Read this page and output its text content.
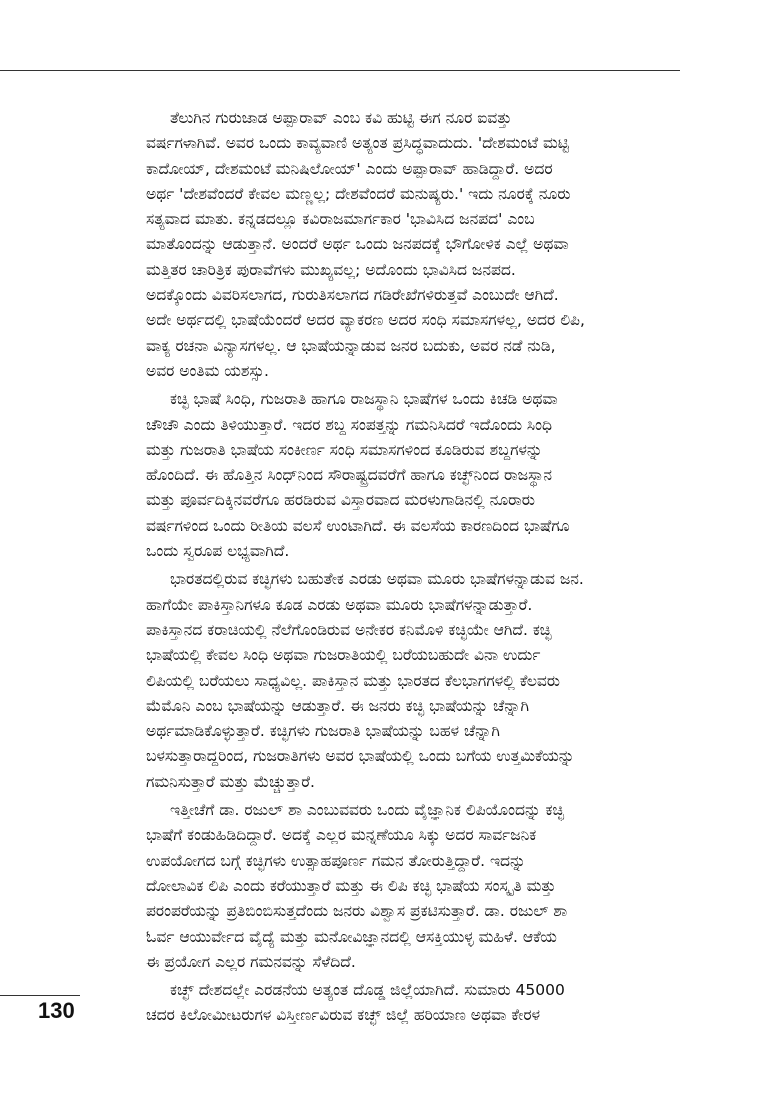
ತೆಲುಗಿನ ಗುರುಜಾಡ ಅಪ್ಪಾರಾವ್ ಎಂಬ ಕವಿ ಹುಟ್ಟಿ ಈಗ ನೂರ ಐವತ್ತು
ವರ್ಷಗಳಾಗಿವೆ. ಅವರ ಒಂದು ಕಾವ್ಯವಾಣಿ ಅತ್ಯಂತ ಪ್ರಸಿದ್ಧವಾದುದು. 'ದೇಶಮಂಟೆ ಮಟ್ಟಿ
ಕಾದೋಯ್, ದೇಶಮಂಟೆ ಮನಿಷಿಲೋಯ್' ಎಂದು ಅಪ್ಪಾರಾವ್ ಹಾಡಿದ್ದಾರೆ. ಅದರ
ಅರ್ಥ 'ದೇಶವೆಂದರೆ ಕೇವಲ ಮಣ್ಣಲ್ಲ; ದೇಶವೆಂದರೆ ಮನುಷ್ಯರು.' ಇದು ನೂರಕ್ಕೆ ನೂರು
ಸತ್ಯವಾದ ಮಾತು. ಕನ್ನಡದಲ್ಲೂ ಕವಿರಾಜಮಾರ್ಗಕಾರ 'ಭಾವಿಸಿದ ಜನಪದ' ಎಂಬ
ಮಾತೊಂದನ್ನು ಆಡುತ್ತಾನೆ. ಅಂದರೆ ಅರ್ಥ ಒಂದು ಜನಪದಕ್ಕೆ ಭೌಗೋಳಿಕ ಎಲ್ಲೆ ಅಥವಾ
ಮತ್ತಿತರ ಚಾರಿತ್ರಿಕ ಪುರಾವೆಗಳು ಮುಖ್ಯವಲ್ಲ; ಅದೊಂದು ಭಾವಿಸಿದ ಜನಪದ.
ಅದಕ್ಕೊಂದು ವಿವರಿಸಲಾಗದ, ಗುರುತಿಸಲಾಗದ ಗಡಿರೇಖೆಗಳಿರುತ್ತವೆ ಎಂಬುದೇ ಆಗಿದೆ.
ಅದೇ ಅರ್ಥದಲ್ಲಿ ಭಾಷೆಯೆಂದರೆ ಅದರ ವ್ಯಾಕರಣ ಅದರ ಸಂಧಿ ಸಮಾಸಗಳಲ್ಲ, ಅದರ ಲಿಪಿ,
ವಾಕ್ಯ ರಚನಾ ವಿನ್ಯಾಸಗಳಲ್ಲ. ಆ ಭಾಷೆಯನ್ನಾಡುವ ಜನರ ಬದುಕು, ಅವರ ನಡೆ ನುಡಿ,
ಅವರ ಅಂತಿಮ ಯಶಸ್ಸು.
ಕಚ್ಛಿ ಭಾಷೆ ಸಿಂಧಿ, ಗುಜರಾತಿ ಹಾಗೂ ರಾಜಸ್ಥಾನಿ ಭಾಷೆಗಳ ಒಂದು ಕಿಚಡಿ ಅಥವಾ
ಚೌಚೌ ಎಂದು ತಿಳಿಯುತ್ತಾರೆ. ಇದರ ಶಬ್ದ ಸಂಪತ್ತನ್ನು ಗಮನಿಸಿದರೆ ಇದೊಂದು ಸಿಂಧಿ
ಮತ್ತು ಗುಜರಾತಿ ಭಾಷೆಯ ಸಂಕೀರ್ಣ ಸಂಧಿ ಸಮಾಸಗಳಿಂದ ಕೂಡಿರುವ ಶಬ್ದಗಳನ್ನು
ಹೊಂದಿದೆ. ಈ ಹೊತ್ತಿನ ಸಿಂಧ್‌ನಿಂದ ಸೌರಾಷ್ಟ್ರದವರೆಗೆ ಹಾಗೂ ಕಚ್ಛ್‌ನಿಂದ ರಾಜಸ್ಥಾನ
ಮತ್ತು ಪೂರ್ವದಿಕ್ಕಿನವರೆಗೂ ಹರಡಿರುವ ವಿಸ್ತಾರವಾದ ಮರಳುಗಾಡಿನಲ್ಲಿ ನೂರಾರು
ವರ್ಷಗಳಿಂದ ಒಂದು ರೀತಿಯ ವಲಸೆ ಉಂಟಾಗಿದೆ. ಈ ವಲಸೆಯ ಕಾರಣದಿಂದ ಭಾಷೆಗೂ
ಒಂದು ಸ್ವರೂಪ ಲಭ್ಯವಾಗಿದೆ.
ಭಾರತದಲ್ಲಿರುವ ಕಚ್ಛಿಗಳು ಬಹುತೇಕ ಎರಡು ಅಥವಾ ಮೂರು ಭಾಷೆಗಳನ್ನಾಡುವ ಜನ.
ಹಾಗೆಯೇ ಪಾಕಿಸ್ತಾನಿಗಳೂ ಕೂಡ ಎರಡು ಅಥವಾ ಮೂರು ಭಾಷೆಗಳನ್ನಾಡುತ್ತಾರೆ.
ಪಾಕಿಸ್ತಾನದ ಕರಾಚಿಯಲ್ಲಿ ನೆಲೆಗೊಂಡಿರುವ ಅನೇಕರ ಕನಿಮೊಳಿ ಕಚ್ಛಿಯೇ ಆಗಿದೆ. ಕಚ್ಛಿ
ಭಾಷೆಯಲ್ಲಿ ಕೇವಲ ಸಿಂಧಿ ಅಥವಾ ಗುಜರಾತಿಯಲ್ಲಿ ಬರೆಯಬಹುದೇ ವಿನಾ ಉರ್ದು
ಲಿಪಿಯಲ್ಲಿ ಬರೆಯಲು ಸಾಧ್ಯವಿಲ್ಲ. ಪಾಕಿಸ್ತಾನ ಮತ್ತು ಭಾರತದ ಕೆಲಭಾಗಗಳಲ್ಲಿ ಕೆಲವರು
ಮೆಮೊನಿ ಎಂಬ ಭಾಷೆಯನ್ನು ಆಡುತ್ತಾರೆ. ಈ ಜನರು ಕಚ್ಛಿ ಭಾಷೆಯನ್ನು ಚೆನ್ನಾಗಿ
ಅರ್ಥಮಾಡಿಕೊಳ್ಳುತ್ತಾರೆ. ಕಚ್ಛಿಗಳು ಗುಜರಾತಿ ಭಾಷೆಯನ್ನು ಬಹಳ ಚೆನ್ನಾಗಿ
ಬಳಸುತ್ತಾರಾದ್ದರಿಂದ, ಗುಜರಾತಿಗಳು ಅವರ ಭಾಷೆಯಲ್ಲಿ ಒಂದು ಬಗೆಯ ಉತ್ತಮಿಕೆಯನ್ನು
ಗಮನಿಸುತ್ತಾರೆ ಮತ್ತು ಮೆಚ್ಚುತ್ತಾರೆ.
ಇತ್ತೀಚೆಗೆ ಡಾ. ರಜುಲ್ ಶಾ ಎಂಬುವವರು ಒಂದು ವೈಜ್ಞಾನಿಕ ಲಿಪಿಯೊಂದನ್ನು ಕಚ್ಛಿ
ಭಾಷೆಗೆ ಕಂಡುಹಿಡಿದಿದ್ದಾರೆ. ಅದಕ್ಕೆ ಎಲ್ಲರ ಮನ್ನಣೆಯೂ ಸಿಕ್ಕು ಅದರ ಸಾರ್ವಜನಿಕ
ಉಪಯೋಗದ ಬಗ್ಗೆ ಕಚ್ಛಿಗಳು ಉತ್ಸಾಹಪೂರ್ಣ ಗಮನ ತೋರುತ್ತಿದ್ದಾರೆ. ಇದನ್ನು
ದೋಲಾವಿಕ ಲಿಪಿ ಎಂದು ಕರೆಯುತ್ತಾರೆ ಮತ್ತು ಈ ಲಿಪಿ ಕಚ್ಛಿ ಭಾಷೆಯ ಸಂಸ್ಕೃತಿ ಮತ್ತು
ಪರಂಪರೆಯನ್ನು ಪ್ರತಿಬಿಂಬಿಸುತ್ತದೆಂದು ಜನರು ವಿಶ್ವಾಸ ಪ್ರಕಟಿಸುತ್ತಾರೆ. ಡಾ. ರಜುಲ್ ಶಾ
ಓರ್ವ ಆಯುರ್ವೇದ ವೈದ್ಯೆ ಮತ್ತು ಮನೋವಿಜ್ಞಾನದಲ್ಲಿ ಆಸಕ್ತಿಯುಳ್ಳ ಮಹಿಳೆ. ಆಕೆಯ
ಈ ಪ್ರಯೋಗ ಎಲ್ಲರ ಗಮನವನ್ನು ಸೆಳೆದಿದೆ.
ಕಚ್ಛ್ ದೇಶದಲ್ಲೇ ಎರಡನೆಯ ಅತ್ಯಂತ ದೊಡ್ಡ ಜಿಲ್ಲೆಯಾಗಿದೆ. ಸುಮಾರು 45000
ಚದರ ಕಿಲೋಮೀಟರುಗಳ ವಿಸ್ತೀರ್ಣವಿರುವ ಕಚ್ಛ್ ಜಿಲ್ಲೆ ಹರಿಯಾಣ ಅಥವಾ ಕೇರಳ
130
